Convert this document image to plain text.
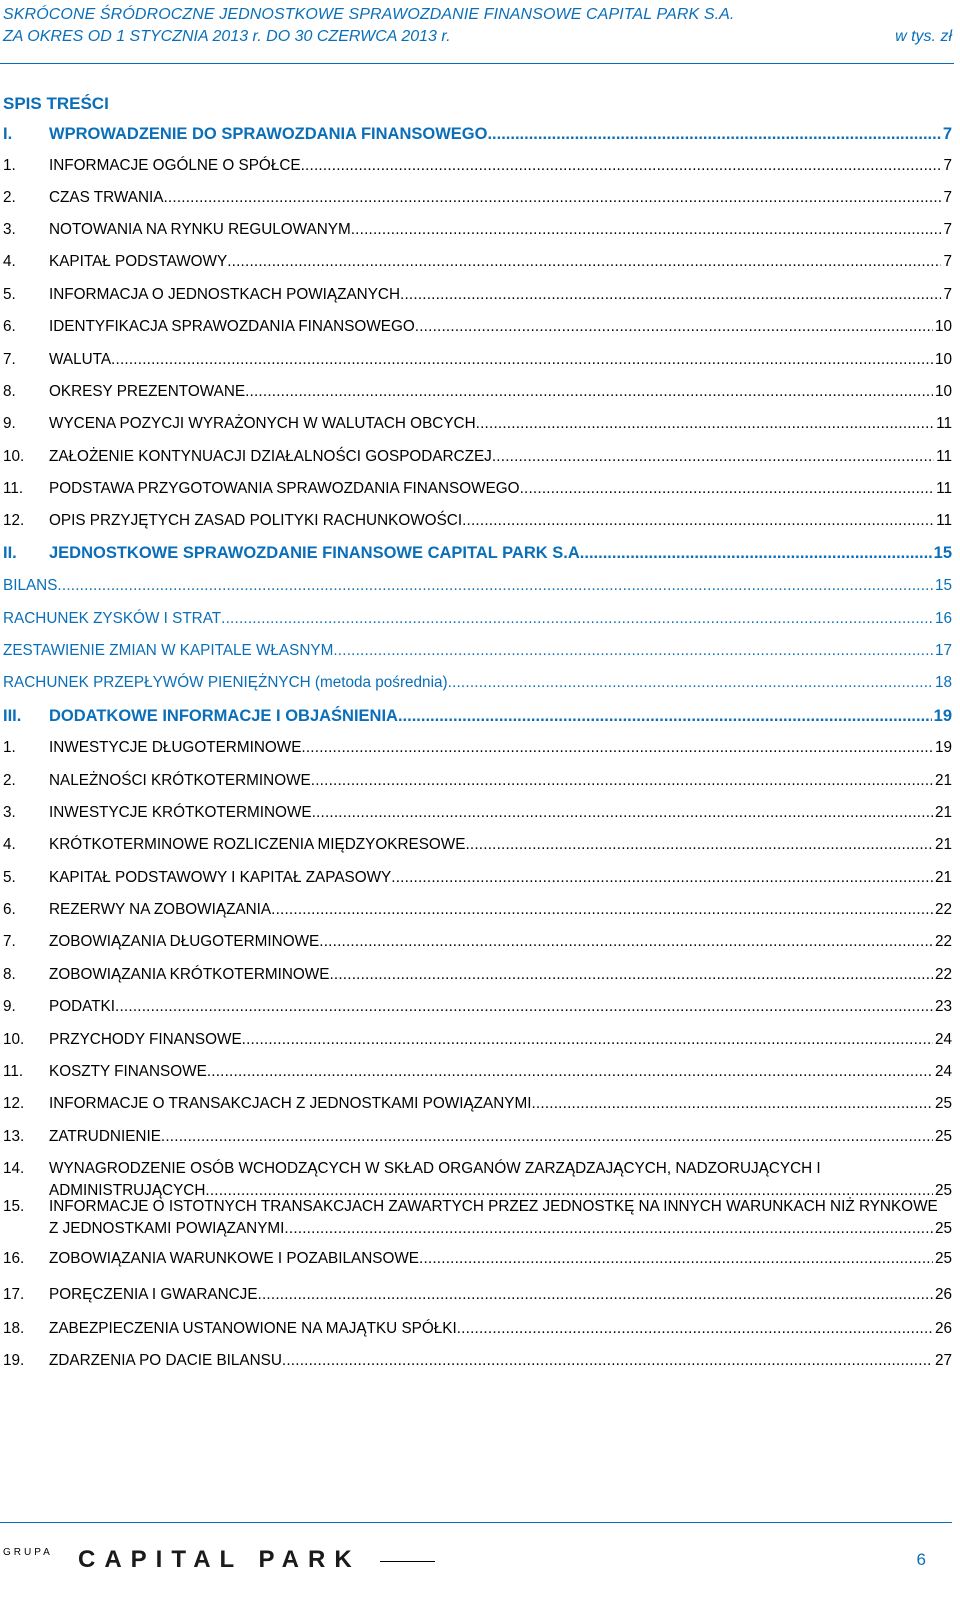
SKRÓCONE ŚRÓDROCZNE JEDNOSTKOWE SPRAWOZDANIE FINANSOWE CAPITAL PARK S.A.
ZA OKRES OD 1 STYCZNIA 2013 r. DO 30 CZERWCA 2013 r.	w tys. zł
SPIS TREŚCI
I. WPROWADZENIE DO SPRAWOZDANIA FINANSOWEGO .....	7
1. INFORMACJE OGÓLNE O SPÓŁCE .....	7
2. CZAS TRWANIA .....	7
3. NOTOWANIA NA RYNKU REGULOWANYM .....	7
4. KAPITAŁ PODSTAWOWY .....	7
5. INFORMACJA O JEDNOSTKACH POWIĄZANYCH .....	7
6. IDENTYFIKACJA SPRAWOZDANIA FINANSOWEGO .....	10
7. WALUTA .....	10
8. OKRESY PREZENTOWANE .....	10
9. WYCENA POZYCJI WYRAŻONYCH W WALUTACH OBCYCH .....	11
10. ZAŁOŻENIE KONTYNUACJI DZIAŁALNOŚCI GOSPODARCZEJ .....	11
11. PODSTAWA PRZYGOTOWANIA SPRAWOZDANIA FINANSOWEGO .....	11
12. OPIS PRZYJĘTYCH ZASAD POLITYKI RACHUNKOWOŚCI .....	11
II. JEDNOSTKOWE SPRAWOZDANIE FINANSOWE CAPITAL PARK S.A. .....	15
BILANS .....	15
RACHUNEK ZYSKÓW I STRAT .....	16
ZESTAWIENIE ZMIAN W KAPITALE WŁASNYM .....	17
RACHUNEK PRZEPŁYWÓW PIENIĘŻNYCH (metoda pośrednia) .....	18
III. DODATKOWE INFORMACJE I OBJAŚNIENIA .....	19
1. INWESTYCJE DŁUGOTERMINOWE .....	19
2. NALEŻNOŚCI KRÓTKOTERMINOWE .....	21
3. INWESTYCJE KRÓTKOTERMINOWE .....	21
4. KRÓTKOTERMINOWE ROZLICZENIA MIĘDZYOKRESOWE .....	21
5. KAPITAŁ PODSTAWOWY I KAPITAŁ ZAPASOWY .....	21
6. REZERWY NA ZOBOWIĄZANIA .....	22
7. ZOBOWIĄZANIA DŁUGOTERMINOWE .....	22
8. ZOBOWIĄZANIA KRÓTKOTERMINOWE .....	22
9. PODATKI .....	23
10. PRZYCHODY FINANSOWE .....	24
11. KOSZTY FINANSOWE .....	24
12. INFORMACJE O TRANSAKCJACH Z JEDNOSTKAMI POWIĄZANYMI .....	25
13. ZATRUDNIENIE .....	25
14. WYNAGRODZENIE OSÓB WCHODZĄCYCH W SKŁAD ORGANÓW ZARZĄDZAJĄCYCH, NADZORUJĄCYCH I
ADMINISTRUJĄCYCH .....	25
15. INFORMACJE O ISTOTNYCH TRANSAKCJACH ZAWARTYCH PRZEZ JEDNOSTKĘ NA INNYCH WARUNKACH NIŻ RYNKOWE
Z JEDNOSTKAMI POWIĄZANYMI .....	25
16. ZOBOWIĄZANIA WARUNKOWE I POZABILANSOWE .....	25
17. PORĘCZENIA I GWARANCJE .....	26
18. ZABEZPIECZENIA USTANOWIONE NA MAJĄTKU SPÓŁKI .....	26
19. ZDARZENIA PO DACIE BILANSU .....	27
GRUPA CAPITAL PARK	6
